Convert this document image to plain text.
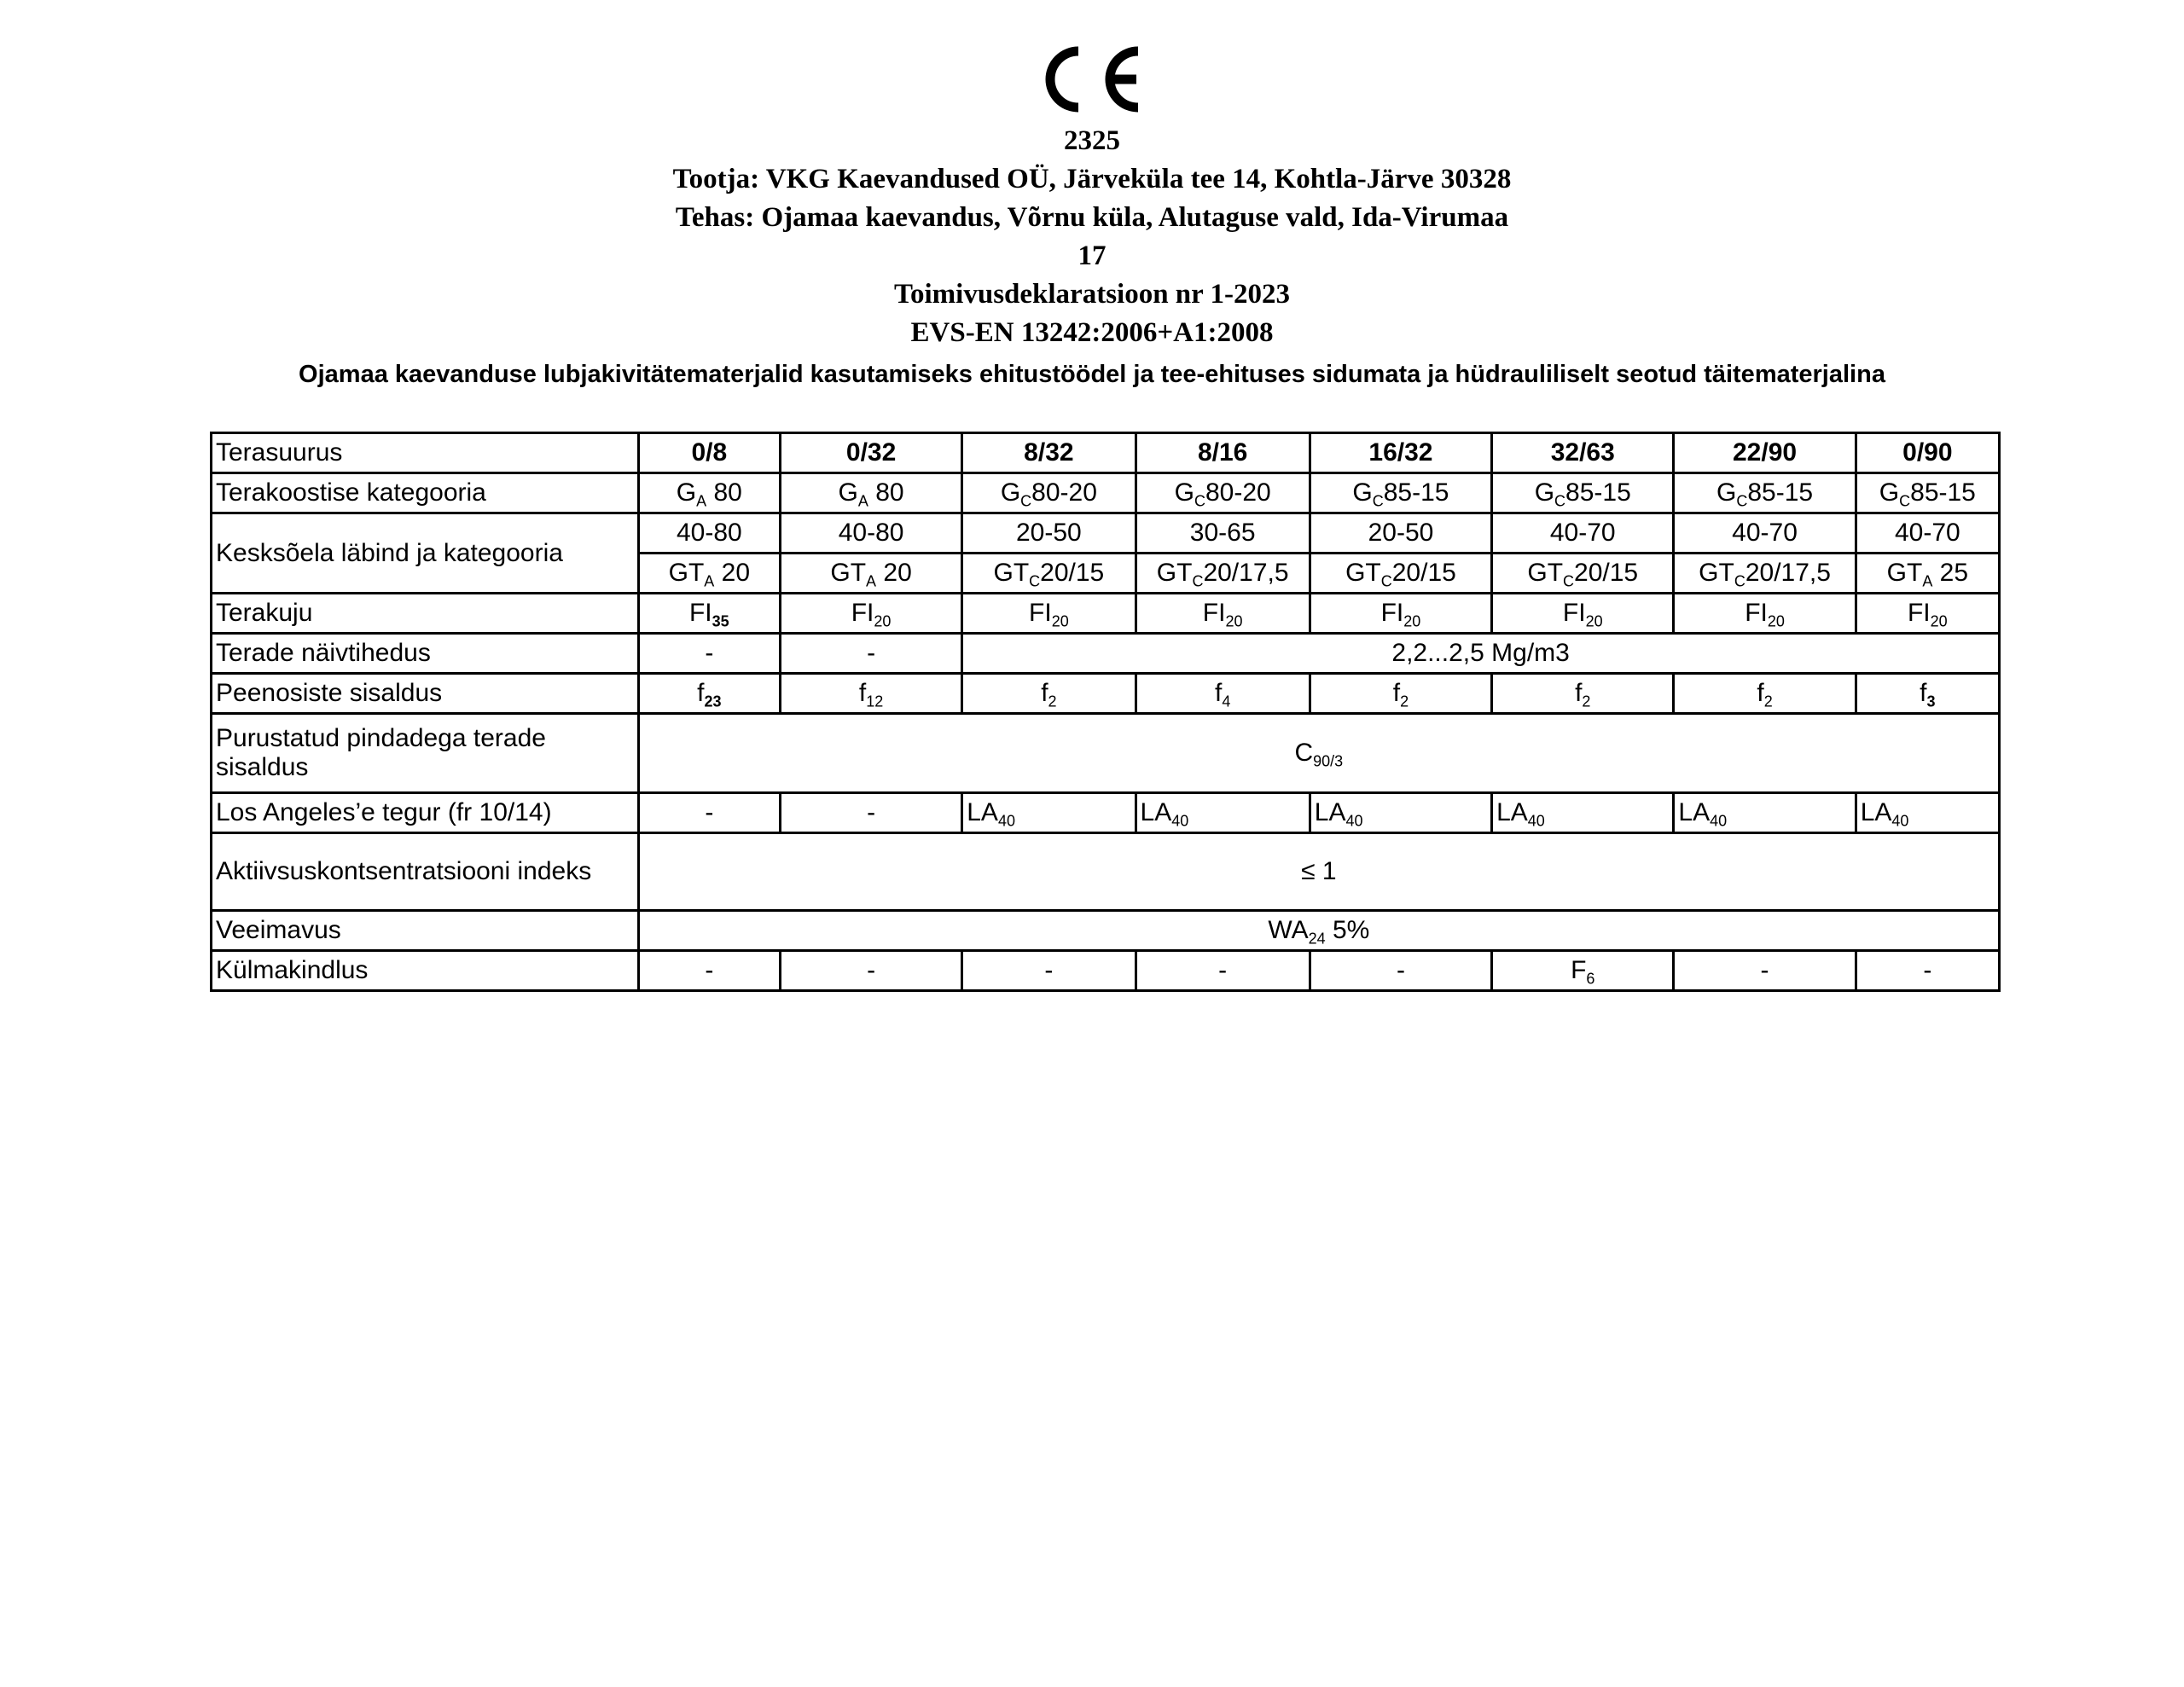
2325
Tootja: VKG Kaevandused OÜ, Järveküla tee 14, Kohtla-Järve 30328
Tehas: Ojamaa kaevandus, Võrnu küla, Alutaguse vald, Ida-Virumaa
17
Toimivusdeklaratsioon nr 1-2023
EVS-EN 13242:2006+A1:2008
Ojamaa kaevanduse lubjakivitätematerjalid kasutamiseks ehitustöödel ja tee-ehituses sidumata ja hüdrauliliselt seotud täitematerjalina
Terasuurus	0/8	0/32	8/32	8/16	16/32	32/63	22/90	0/90
Terakoostise kategooria	$G_A$ 80	$G_A$ 80	$G_C80-20$	$G_C80-20$	$G_C85-15$	$G_C85-15$	$G_C85-15$	$G_C85-15$
Kesksõela läbind ja kategooria	40-80	40-80	20-50	30-65	20-50	40-70	40-70	40-70
	$GT_A$ 20	$GT_A$ 20	$GT_C20/15$	$GT_C20/17,5$	$GT_C20/15$	$GT_C20/15$	$GT_C20/17,5$	$GT_A$ 25
Terakuju	$FI_{35}$	$FI_{20}$	$FI_{20}$	$FI_{20}$	$FI_{20}$	$FI_{20}$	$FI_{20}$	$FI_{20}$
Terade näivtihedus	-	-	2,2...2,5 Mg/m3					
Peenosiste sisaldus	$f_{23}$	$f_{12}$	$f_2$	$f_4$	$f_2$	$f_2$	$f_2$	$f_3$
Purustatud pindadega terade
sisaldus	$C_{90/3}$
Los Angeles’e tegur (fr 10/14)	-	-	$LA_{40}$	$LA_{40}$	$LA_{40}$	$LA_{40}$	$LA_{40}$	$LA_{40}$
Aktiivsuskontsentratsiooni indeks	≤ 1							
Veeimavus	$WA_{24}$ 5%							
Külmakindlus	-	-	-	-	-	$F_6$	-	-
